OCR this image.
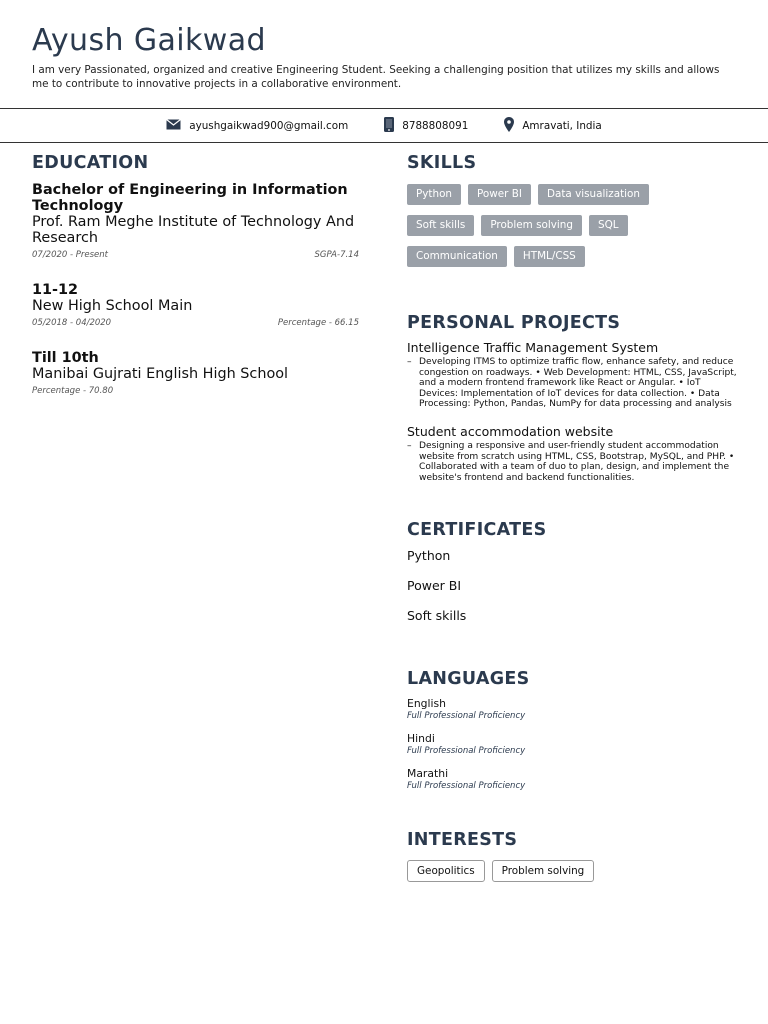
Ayush Gaikwad

I am very Passionated, organized and creative Engineering Student. Seeking a challenging position that utilizes my skills and allows me to contribute to innovative projects in a collaborative environment.

ayushgaikwad900@gmail.com	8788808091	Amravati, India
EDUCATION
Bachelor of Engineering in Information Technology
Prof. Ram Meghe Institute of Technology And Research
07/2020 - Present	SGPA-7.14
11-12
New High School Main
05/2018 - 04/2020	Percentage - 66.15
Till 10th
Manibai Gujrati English High School
Percentage - 70.80
SKILLS
Python	Power BI	Data visualization
Soft skills	Problem solving	SQL
Communication	HTML/CSS
PERSONAL PROJECTS
Intelligence Traffic Management System
– Developing ITMS to optimize traffic flow, enhance safety, and reduce congestion on roadways. • Web Development: HTML, CSS, JavaScript, and a modern frontend framework like React or Angular. • IoT Devices: Implementation of IoT devices for data collection. • Data Processing: Python, Pandas, NumPy for data processing and analysis
Student accommodation website
– Designing a responsive and user-friendly student accommodation website from scratch using HTML, CSS, Bootstrap, MySQL, and PHP. • Collaborated with a team of duo to plan, design, and implement the website's frontend and backend functionalities.
CERTIFICATES
Python
Power BI
Soft skills
LANGUAGES
English
Full Professional Proficiency
Hindi
Full Professional Proficiency
Marathi
Full Professional Proficiency
INTERESTS
Geopolitics	Problem solving
